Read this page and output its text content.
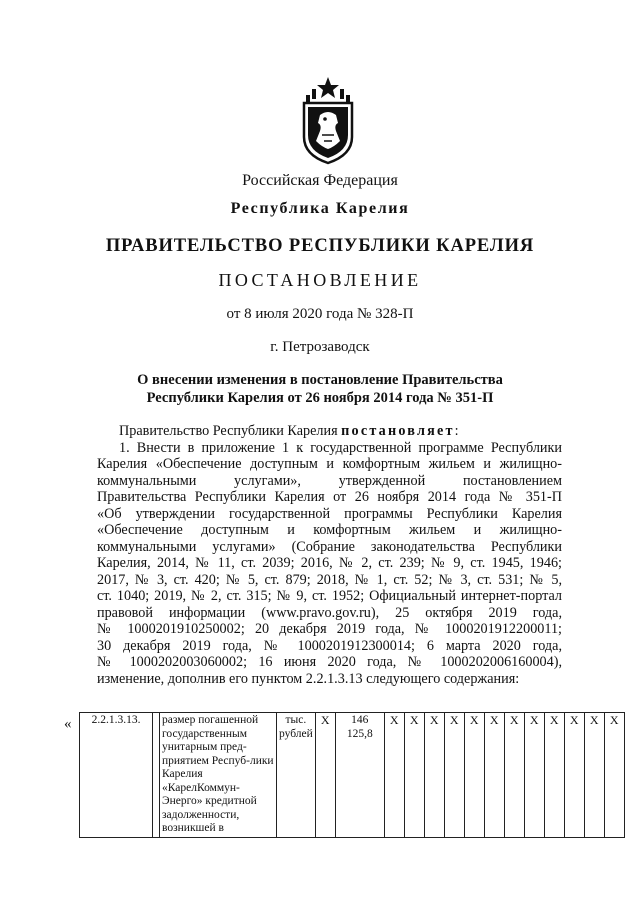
Российская Федерация
Республика Карелия
ПРАВИТЕЛЬСТВО РЕСПУБЛИКИ КАРЕЛИЯ
ПОСТАНОВЛЕНИЕ
от 8 июля 2020 года № 328-П
г. Петрозаводск
О внесении изменения в постановление Правительства
Республики Карелия от 26 ноября 2014 года № 351-П
Правительство Республики Карелия постановляет:
1. Внести в приложение 1 к государственной программе Республики
Карелия «Обеспечение доступным и комфортным жильем и жилищно-
коммунальными услугами», утвержденной постановлением
Правительства Республики Карелия от 26 ноября 2014 года № 351-П
«Об утверждении государственной программы Республики Карелия
«Обеспечение доступным и комфортным жильем и жилищно-
коммунальными услугами» (Собрание законодательства Республики
Карелия, 2014, № 11, ст. 2039; 2016, № 2, ст. 239; № 9, ст. 1945, 1946;
2017, № 3, ст. 420; № 5, ст. 879; 2018, № 1, ст. 52; № 3, ст. 531; № 5,
ст. 1040; 2019, № 2, ст. 315; № 9, ст. 1952; Официальный интернет-портал
правовой информации (www.pravo.gov.ru), 25 октября 2019 года,
№ 1000201910250002; 20 декабря 2019 года, № 1000201912200011;
30 декабря 2019 года, № 1000201912300014; 6 марта 2020 года,
№ 1000202003060002; 16 июня 2020 года, № 1000202006160004),
изменение, дополнив его пунктом 2.2.1.3.13 следующего содержания:
« 2.2.1.3.13.		размер погашенной государственным унитарным пред-приятием Респуб-лики Карелия «КарелКоммун-Энерго» кредитной задолженности, возникшей в	тыс. рублей	Х	146 125,8	Х	Х	Х	Х	Х	Х	Х	Х	Х	Х	Х	Х
